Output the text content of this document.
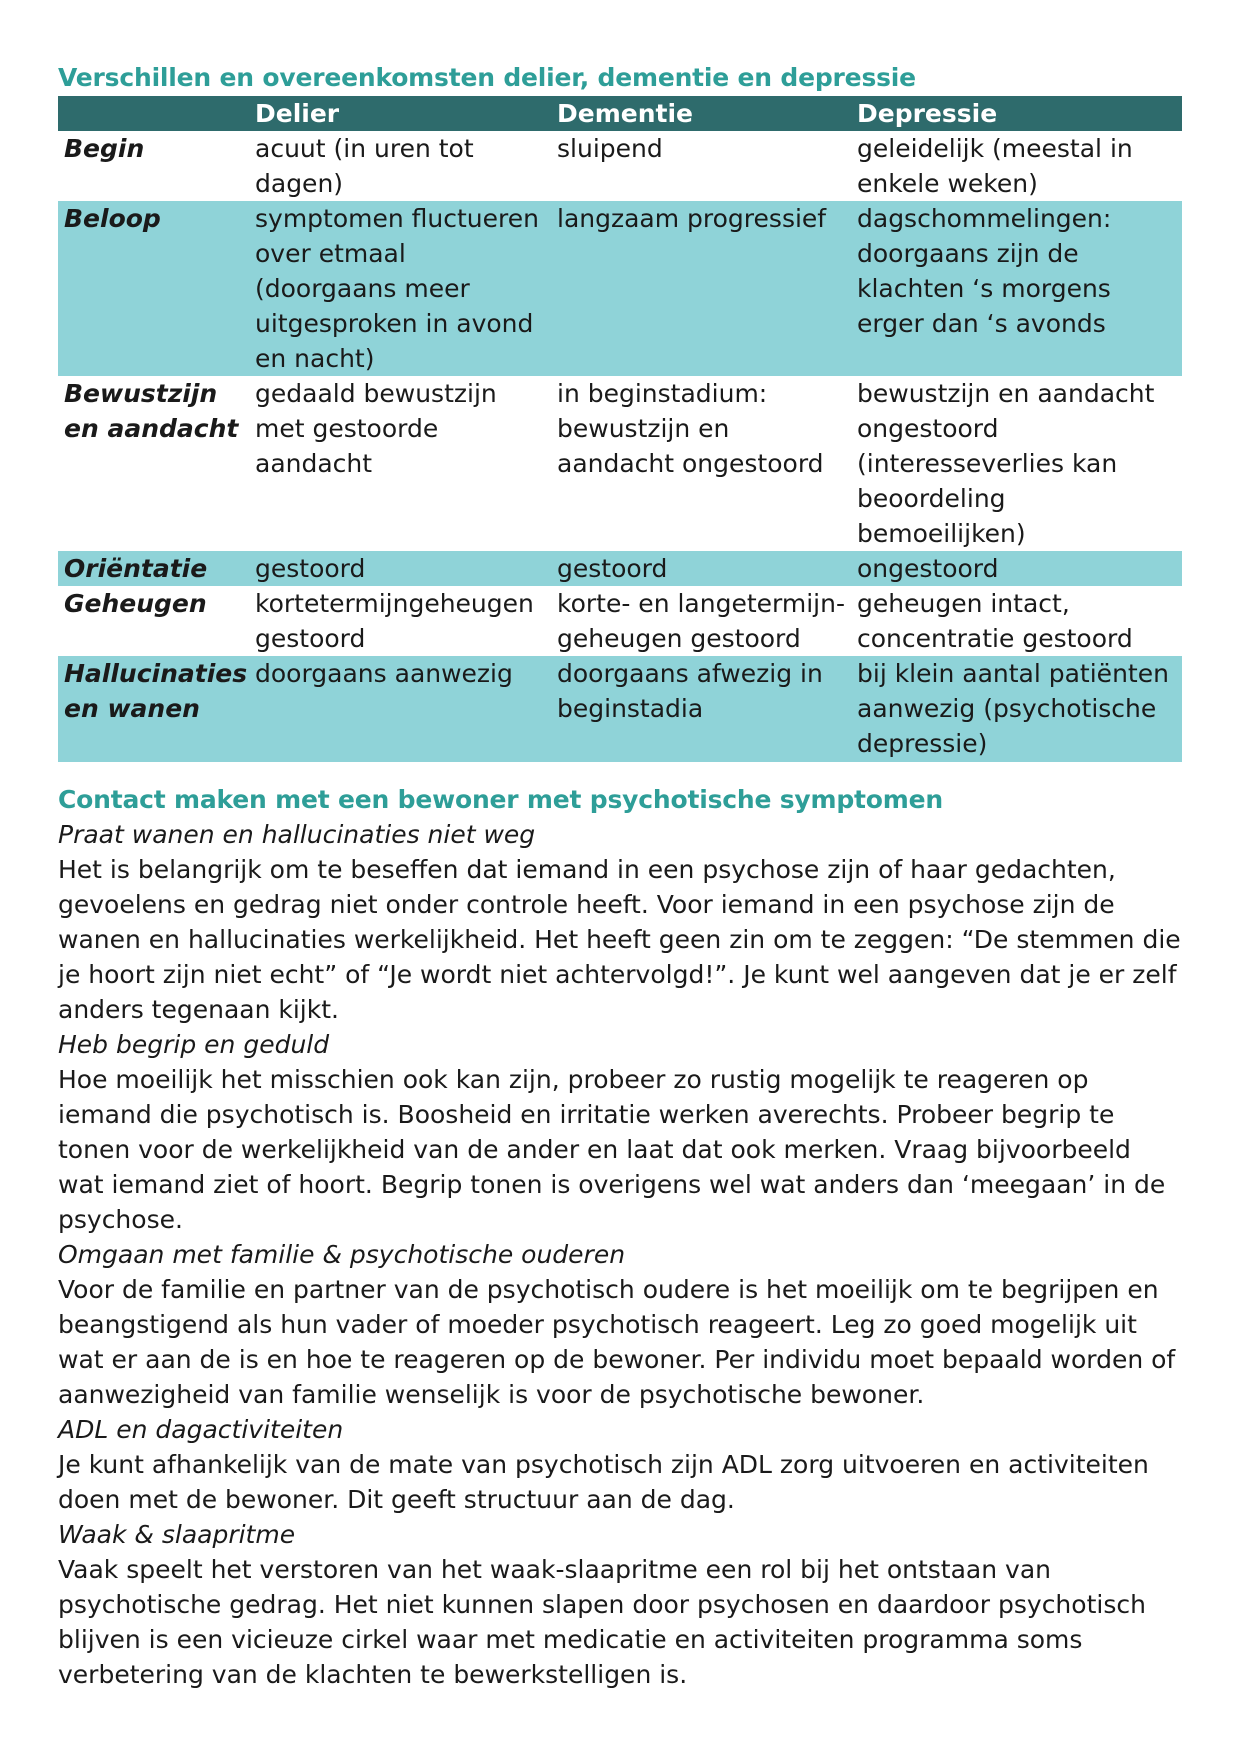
Verschillen en overeenkomsten delier, dementie en depressie
	Delier	Dementie	Depressie
Begin	acuut (in uren tot dagen)	sluipend	geleidelijk (meestal in enkele weken)
Beloop	symptomen fluctueren over etmaal (doorgaans meer uitgesproken in avond en nacht)	langzaam progressief	dagschommelingen: doorgaans zijn de klachten ‘s morgens erger dan ‘s avonds
Bewustzijn en aandacht	gedaald bewustzijn met gestoorde aandacht	in beginstadium: bewustzijn en aandacht ongestoord	bewustzijn en aandacht ongestoord (interesseverlies kan beoordeling bemoeilijken)
Oriëntatie	gestoord	gestoord	ongestoord
Geheugen	kortetermijngeheugen gestoord	korte- en langetermijn-geheugen gestoord	geheugen intact, concentratie gestoord
Hallucinaties en wanen	doorgaans aanwezig	doorgaans afwezig in beginstadia	bij klein aantal patiënten aanwezig (psychotische depressie)
Contact maken met een bewoner met psychotische symptomen

Praat wanen en hallucinaties niet weg

Het is belangrijk om te beseffen dat iemand in een psychose zijn of haar gedachten, gevoelens en gedrag niet onder controle heeft. Voor iemand in een psychose zijn de wanen en hallucinaties werkelijkheid. Het heeft geen zin om te zeggen: “De stemmen die je hoort zijn niet echt” of “Je wordt niet achtervolgd!”. Je kunt wel aangeven dat je er zelf anders tegenaan kijkt.

Heb begrip en geduld

Hoe moeilijk het misschien ook kan zijn, probeer zo rustig mogelijk te reageren op iemand die psychotisch is. Boosheid en irritatie werken averechts. Probeer begrip te tonen voor de werkelijkheid van de ander en laat dat ook merken. Vraag bijvoorbeeld wat iemand ziet of hoort. Begrip tonen is overigens wel wat anders dan ‘meegaan’ in de psychose.

Omgaan met familie & psychotische ouderen

Voor de familie en partner van de psychotisch oudere is het moeilijk om te begrijpen en beangstigend als hun vader of moeder psychotisch reageert. Leg zo goed mogelijk uit wat er aan de is en hoe te reageren op de bewoner. Per individu moet bepaald worden of aanwezigheid van familie wenselijk is voor de psychotische bewoner.

ADL en dagactiviteiten

Je kunt afhankelijk van de mate van psychotisch zijn ADL zorg uitvoeren en activiteiten doen met de bewoner. Dit geeft structuur aan de dag.

Waak & slaapritme

Vaak speelt het verstoren van het waak-slaapritme een rol bij het ontstaan van psychotische gedrag. Het niet kunnen slapen door psychosen en daardoor psychotisch blijven is een vicieuze cirkel waar met medicatie en activiteiten programma soms verbetering van de klachten te bewerkstelligen is.
